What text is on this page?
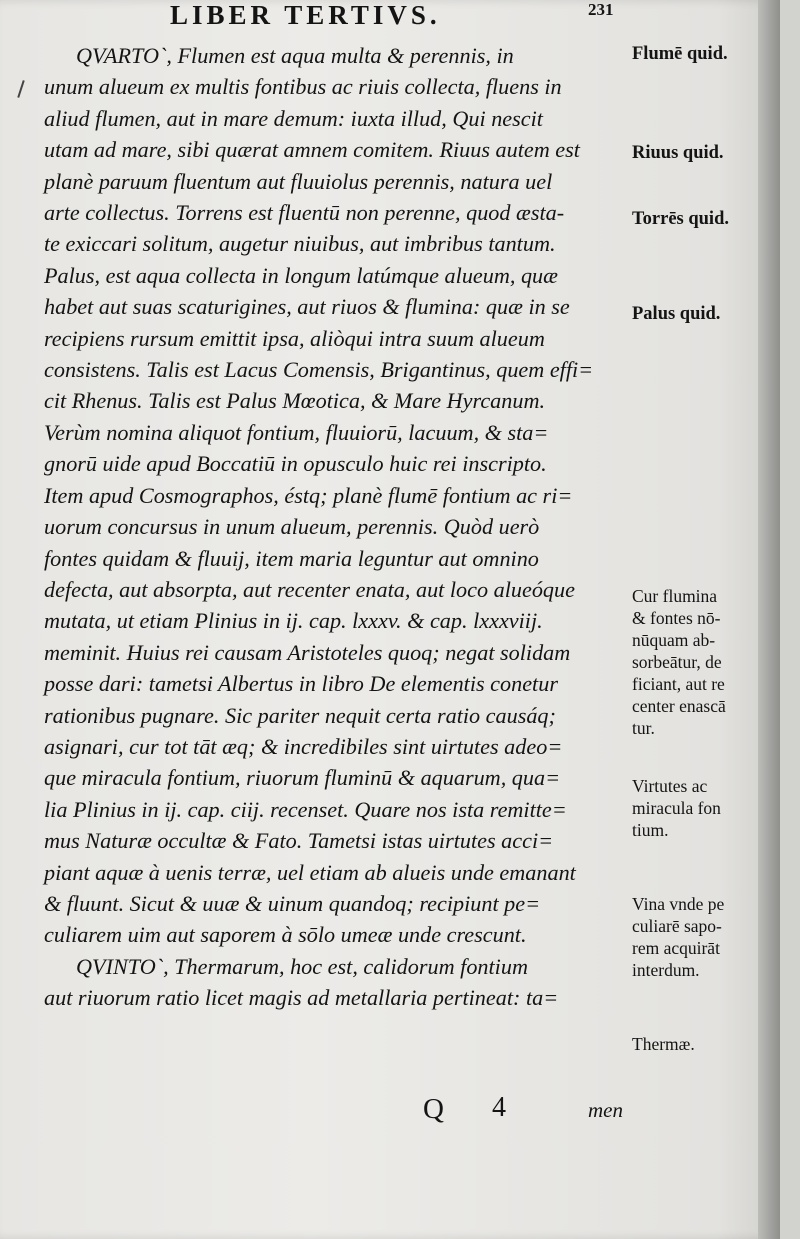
LIBER TERTIVS.	231
QVARTO`, Flumen est aqua multa & perennis, in
unum alueum ex multis fontibus ac riuis collecta, fluens in
aliud flumen, aut in mare demum: iuxta illud, Qui nescit
utam ad mare, sibi quærat amnem comitem. Riuus autem est
planè paruum fluentum aut fluuiolus perennis, natura uel
arte collectus. Torrens est fluentū non perenne, quod æsta-
te exiccari solitum, augetur niuibus, aut imbribus tantum.
Palus, est aqua collecta in longum latúmque alueum, quæ
habet aut suas scaturigines, aut riuos & flumina: quæ in se
recipiens rursum emittit ipsa, aliòqui intra suum alueum
consistens. Talis est Lacus Comensis, Brigantinus, quem effi=
cit Rhenus. Talis est Palus Mœotica, & Mare Hyrcanum.
Verùm nomina aliquot fontium, fluuiorū, lacuum, & sta=
gnorū uide apud Boccatiū in opusculo huic rei inscripto.
Item apud Cosmographos, éstq; planè flumē fontium ac ri=
uorum concursus in unum alueum, perennis. Quòd uerò
fontes quidam & fluuij, item maria leguntur aut omnino
defecta, aut absorpta, aut recenter enata, aut loco alueóque
mutata, ut etiam Plinius in ij. cap. lxxxv. & cap. lxxxviij.
meminit. Huius rei causam Aristoteles quoq; negat solidam
posse dari: tametsi Albertus in libro De elementis conetur
rationibus pugnare. Sic pariter nequit certa ratio causáq;
asignari, cur tot tāt æq; & incredibiles sint uirtutes adeo=
que miracula fontium, riuorum fluminū & aquarum, qua=
lia Plinius in ij. cap. ciij. recenset. Quare nos ista remitte=
mus Naturæ occultæ & Fato. Tametsi istas uirtutes acci=
piant aquæ à uenis terræ, uel etiam ab alueis unde emanant
& fluunt. Sicut & uuæ & uinum quandoq; recipiunt pe=
culiarem uim aut saporem à sōlo umeæ unde crescunt.
QVINTO`, Thermarum, hoc est, calidorum fontium
aut riuorum ratio licet magis ad metallaria pertineat: ta=
Flumē quid.
Riuus quid.
Torrēs quid.
Palus quid.
Cur flumina
& fontes nō-
nūquam ab-
sorbeātur, de
ficiant, aut re
center enascā
tur.
Virtutes ac
miracula fon
tium.
Vina vnde pe
culiarē sapo-
rem acquirāt
interdum.
Thermæ.
Q 4	men
